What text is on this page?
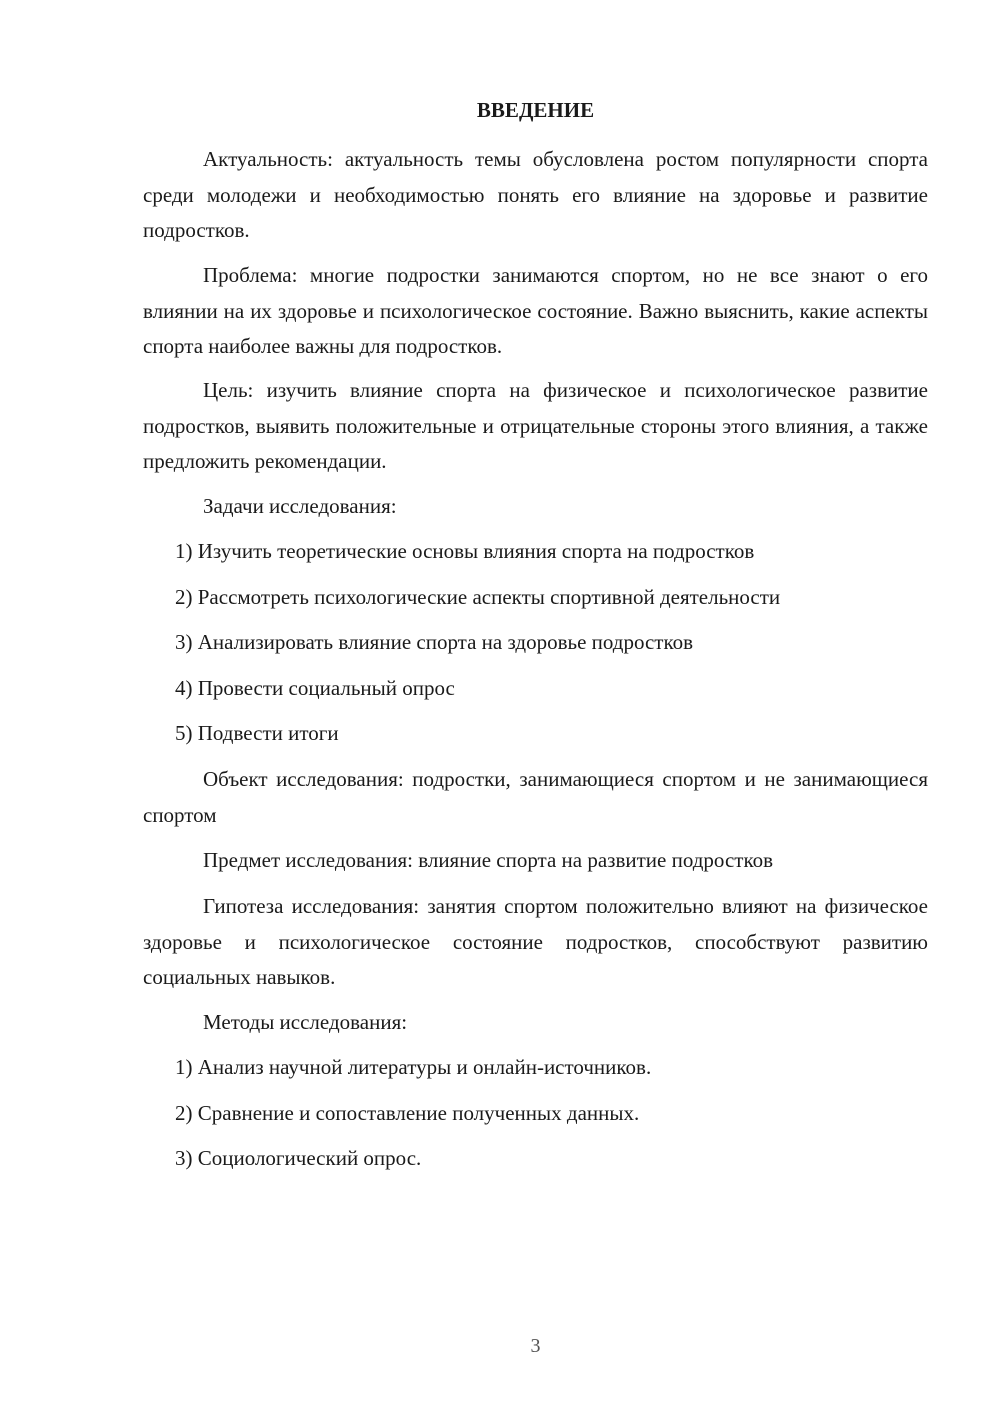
ВВЕДЕНИЕ

Актуальность: актуальность темы обусловлена ростом популярности спорта среди молодежи и необходимостью понять его влияние на здоровье и развитие подростков.

Проблема: многие подростки занимаются спортом, но не все знают о его влиянии на их здоровье и психологическое состояние. Важно выяснить, какие аспекты спорта наиболее важны для подростков.

Цель: изучить влияние спорта на физическое и психологическое развитие подростков, выявить положительные и отрицательные стороны этого влияния, а также предложить рекомендации.

Задачи исследования:

1) Изучить теоретические основы влияния спорта на подростков

2) Рассмотреть психологические аспекты спортивной деятельности

3) Анализировать влияние спорта на здоровье подростков

4) Провести социальный опрос

5) Подвести итоги

Объект исследования: подростки, занимающиеся спортом и не занимающиеся спортом

Предмет исследования: влияние спорта на развитие подростков

Гипотеза исследования: занятия спортом положительно влияют на физическое здоровье и психологическое состояние подростков, способствуют развитию социальных навыков.

Методы исследования:

1) Анализ научной литературы и онлайн-источников.

2) Сравнение и сопоставление полученных данных.

3) Социологический опрос.

3
